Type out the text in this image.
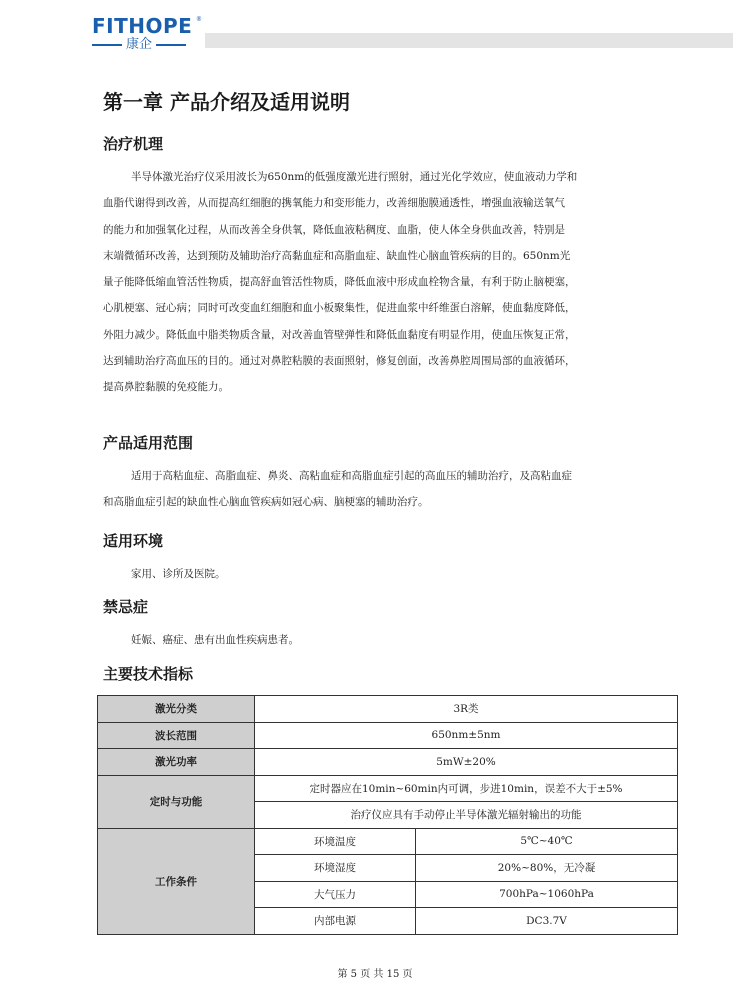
FITHOPE ®
康企
第一章 产品介绍及适用说明
治疗机理
半导体激光治疗仪采用波长为650nm的低强度激光进行照射，通过光化学效应，使血液动力学和
血脂代谢得到改善，从而提高红细胞的携氧能力和变形能力，改善细胞膜通透性，增强血液输送氧气
的能力和加强氧化过程，从而改善全身供氧，降低血液粘稠度、血脂，使人体全身供血改善，特别是
末端微循环改善，达到预防及辅助治疗高黏血症和高脂血症、缺血性心脑血管疾病的目的。650nm光
量子能降低缩血管活性物质，提高舒血管活性物质，降低血液中形成血栓物含量，有利于防止脑梗塞，
心肌梗塞、冠心病；同时可改变血红细胞和血小板聚集性，促进血浆中纤维蛋白溶解，使血黏度降低，
外阻力减少。降低血中脂类物质含量，对改善血管壁弹性和降低血黏度有明显作用，使血压恢复正常，
达到辅助治疗高血压的目的。通过对鼻腔粘膜的表面照射，修复创面，改善鼻腔周围局部的血液循环，
提高鼻腔黏膜的免疫能力。
产品适用范围
适用于高粘血症、高脂血症、鼻炎、高粘血症和高脂血症引起的高血压的辅助治疗，及高粘血症
和高脂血症引起的缺血性心脑血管疾病如冠心病、脑梗塞的辅助治疗。
适用环境
家用、诊所及医院。
禁忌症
妊娠、癌症、患有出血性疾病患者。
主要技术指标
激光分类	3R类	
波长范围	650nm±5nm	
激光功率	5mW±20%	
定时与功能	定时器应在10min~60min内可调，步进10min，误差不大于±5%	
	治疗仪应具有手动停止半导体激光辐射输出的功能	
工作条件	环境温度	5℃~40℃
	环境湿度	20%~80%，无冷凝
	大气压力	700hPa~1060hPa
	内部电源	DC3.7V
第 5 页 共 15 页
